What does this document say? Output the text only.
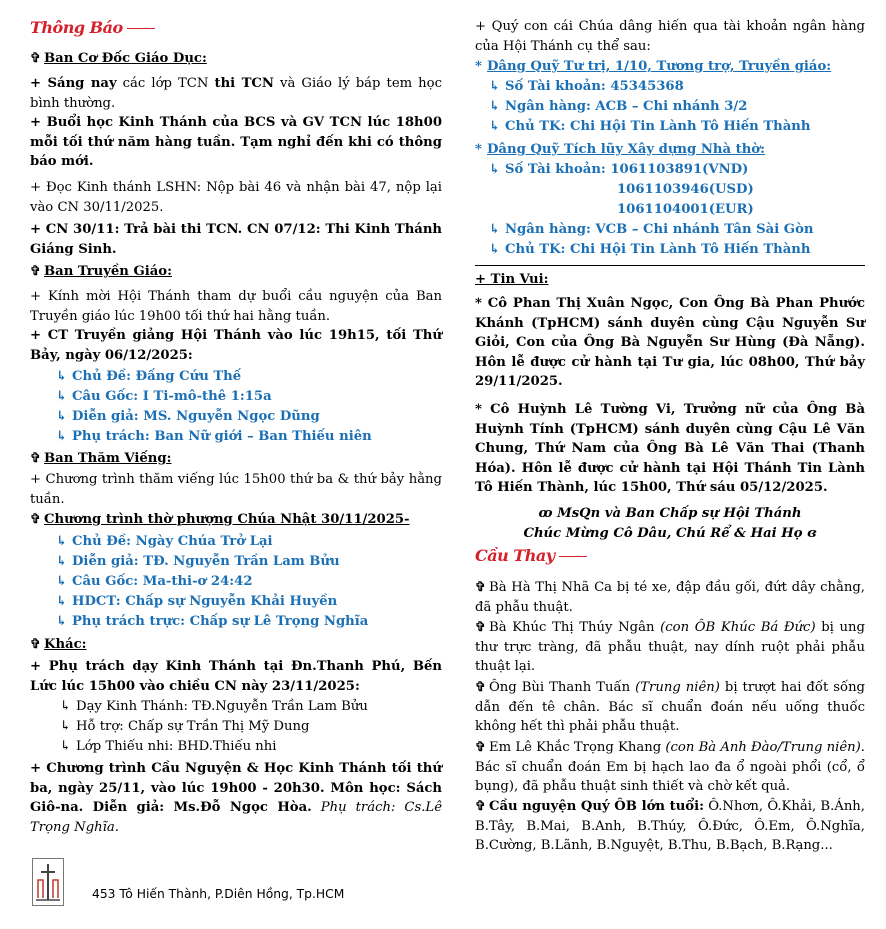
Thông Báo
✞ Ban Cơ Đốc Giáo Dục:
+ Sáng nay các lớp TCN thi TCN và Giáo lý báp tem học bình thường.
+ Buổi học Kinh Thánh của BCS và GV TCN lúc 18h00 mỗi tối thứ năm hàng tuần. Tạm nghỉ đến khi có thông báo mới.
+ Đọc Kinh thánh LSHN: Nộp bài 46 và nhận bài 47, nộp lại vào CN 30/11/2025.
+ CN 30/11: Trả bài thi TCN. CN 07/12: Thi Kinh Thánh Giáng Sinh.
✞ Ban Truyền Giáo:
+ Kính mời Hội Thánh tham dự buổi cầu nguyện của Ban Truyền giáo lúc 19h00 tối thứ hai hằng tuần.
+ CT Truyền giảng Hội Thánh vào lúc 19h15, tối Thứ Bảy, ngày 06/12/2025:
↳ Chủ Đề: Đấng Cứu Thế
↳ Câu Gốc: I Ti-mô-thê 1:15a
↳ Diễn giả: MS. Nguyễn Ngọc Dũng
↳ Phụ trách: Ban Nữ giới – Ban Thiếu niên
✞ Ban Thăm Viếng:
+ Chương trình thăm viếng lúc 15h00 thứ ba & thứ bảy hằng tuần.
✞ Chương trình thờ phượng Chúa Nhật 30/11/2025-
↳ Chủ Đề: Ngày Chúa Trở Lại
↳ Diễn giả: TĐ. Nguyễn Trần Lam Bửu
↳ Câu Gốc: Ma-thi-ơ 24:42
↳ HDCT: Chấp sự Nguyễn Khải Huyền
↳ Phụ trách trực: Chấp sự Lê Trọng Nghĩa
✞ Khác:
+ Phụ trách dạy Kinh Thánh tại Đn.Thanh Phú, Bến Lức lúc 15h00 vào chiều CN này 23/11/2025:
↳ Dạy Kinh Thánh: TĐ.Nguyễn Trần Lam Bửu
↳ Hỗ trợ: Chấp sự Trần Thị Mỹ Dung
↳ Lớp Thiếu nhi: BHD.Thiếu nhi
+ Chương trình Cầu Nguyện & Học Kinh Thánh tối thứ ba, ngày 25/11, vào lúc 19h00 - 20h30. Môn học: Sách Giô-na. Diễn giả: Ms.Đỗ Ngọc Hòa. Phụ trách: Cs.Lê Trọng Nghĩa.
+ Quý con cái Chúa dâng hiến qua tài khoản ngân hàng của Hội Thánh cụ thể sau:
* Dâng Quỹ Tư trị, 1/10, Tương trợ, Truyền giáo:
↳ Số Tài khoản: 45345368
↳ Ngân hàng: ACB – Chi nhánh 3/2
↳ Chủ TK: Chi Hội Tin Lành Tô Hiến Thành
* Dâng Quỹ Tích lũy Xây dựng Nhà thờ:
↳ Số Tài khoản: 1061103891(VND)
1061103946(USD)
1061104001(EUR)
↳ Ngân hàng: VCB – Chi nhánh Tân Sài Gòn
↳ Chủ TK: Chi Hội Tin Lành Tô Hiến Thành
+ Tin Vui:
* Cô Phan Thị Xuân Ngọc, Con Ông Bà Phan Phước Khánh (TpHCM) sánh duyên cùng Cậu Nguyễn Sư Giỏi, Con của Ông Bà Nguyễn Sư Hùng (Đà Nẵng). Hôn lễ được cử hành tại Tư gia, lúc 08h00, Thứ bảy 29/11/2025.
* Cô Huỳnh Lê Tường Vi, Trưởng nữ của Ông Bà Huỳnh Tính (TpHCM) sánh duyên cùng Cậu Lê Văn Chung, Thứ Nam của Ông Bà Lê Văn Thai (Thanh Hóa). Hôn lễ được cử hành tại Hội Thánh Tin Lành Tô Hiến Thành, lúc 15h00, Thứ sáu 05/12/2025.
ꝏ MsQn và Ban Chấp sự Hội Thánh
Chúc Mừng Cô Dâu, Chú Rể & Hai Họ ɞ
Cầu Thay
✞ Bà Hà Thị Nhã Ca bị té xe, đập đầu gối, đứt dây chằng, đã phẫu thuật.
✞ Bà Khúc Thị Thúy Ngân (con ÔB Khúc Bá Đức) bị ung thư trực tràng, đã phẫu thuật, nay dính ruột phải phẫu thuật lại.
✞ Ông Bùi Thanh Tuấn (Trung niên) bị trượt hai đốt sống dẫn đến tê chân. Bác sĩ chuẩn đoán nếu uống thuốc không hết thì phải phẫu thuật.
✞ Em Lê Khắc Trọng Khang (con Bà Anh Đào/Trung niên). Bác sĩ chuẩn đoán Em bị hạch lao đa ổ ngoài phổi (cổ, ổ bụng), đã phẫu thuật sinh thiết và chờ kết quả.
✞ Cầu nguyện Quý ÔB lớn tuổi: Ô.Nhơn, Ô.Khải, B.Ánh, B.Tây, B.Mai, B.Anh, B.Thúy, Ô.Đức, Ô.Em, Ô.Nghĩa, B.Cường, B.Lãnh, B.Nguyệt, B.Thu, B.Bạch, B.Rạng...
453 Tô Hiến Thành, P.Diên Hồng, Tp.HCM
